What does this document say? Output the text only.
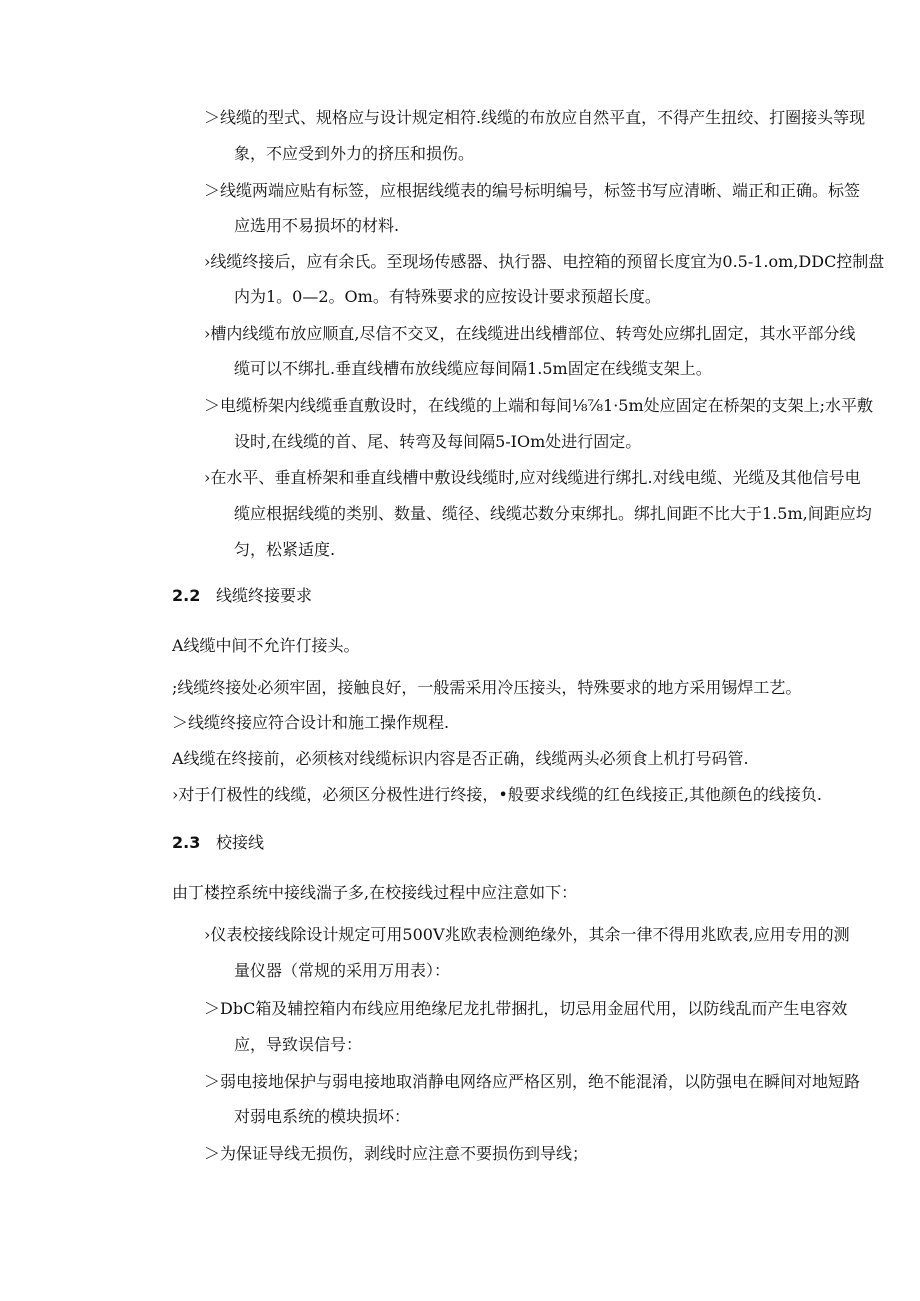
＞线缆的型式、规格应与设计规定相符.线缆的布放应自然平直，不得产生扭绞、打圈接头等现
象，不应受到外力的挤压和损伤。
＞线缆两端应贴有标签，应根据线缆表的编号标明编号，标签书写应清晰、端正和正确。标签
应选用不易损坏的材料.
›线缆终接后，应有余氏。至现场传感器、执行器、电控箱的预留长度宜为0.5-1.om,DDC控制盘
内为1。0—2。Om。有特殊要求的应按设计要求预超长度。
›槽内线缆布放应顺直,尽信不交叉，在线缆进出线槽部位、转弯处应绑扎固定，其水平部分线
缆可以不绑扎.垂直线槽布放线缆应每间隔1.5m固定在线缆支架上。
＞电缆桥架内线缆垂直敷设时，在线缆的上端和每间⅛⅞1·5m处应固定在桥架的支架上;水平敷
设时,在线缆的首、尾、转弯及每间隔5-IOm处进行固定。
›在水平、垂直桥架和垂直线槽中敷设线缆时,应对线缆进行绑扎.对线电缆、光缆及其他信号电
缆应根据线缆的类别、数量、缆径、线缆芯数分束绑扎。绑扎间距不比大于1.5m,间距应均
匀，松紧适度.
2.2 线缆终接要求
A线缆中间不允许仃接头。
;线缆终接处必须牢固，接触良好，一般需采用冷压接头，特殊要求的地方采用锡焊工艺。
＞线缆终接应符合设计和施工操作规程.
A线缆在终接前，必须核对线缆标识内容是否正确，线缆两头必须食上机打号码管.
›对于仃极性的线缆，必须区分极性进行终接，•般要求线缆的红色线接正,其他颜色的线接负.
2.3 校接线
由丁楼控系统中接线湍子多,在校接线过程中应注意如下：
›仪表校接线除设计规定可用500V兆欧表检测绝缘外，其余一律不得用兆欧表,应用专用的测
量仪器（常规的采用万用表）：
＞DbC箱及辅控箱内布线应用绝缘尼龙扎带捆扎，切忌用金屈代用，以防线乱而产生电容效
应，导致误信号：
＞弱电接地保护与弱电接地取消静电网络应严格区别，绝不能混淆，以防强电在瞬间对地短路
对弱电系统的模块损坏：
＞为保证导线无损伤，剥线时应注意不要损伤到导线；
